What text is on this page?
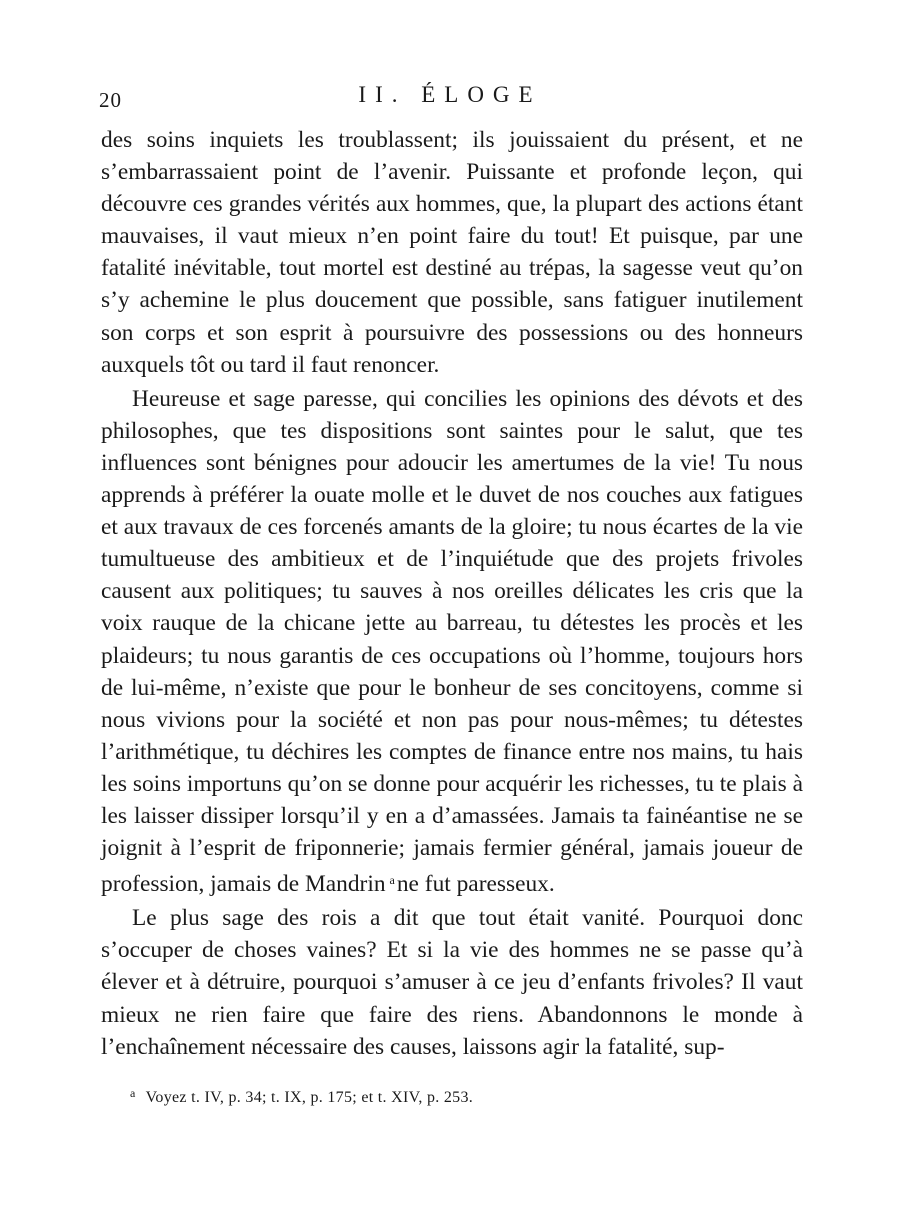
20	II. ÉLOGE

des soins inquiets les troublassent; ils jouissaient du présent, et ne s’embarrassaient point de l’avenir. Puissante et profonde leçon, qui découvre ces grandes vérités aux hommes, que, la plupart des actions étant mauvaises, il vaut mieux n’en point faire du tout! Et puisque, par une fatalité inévitable, tout mortel est destiné au trépas, la sagesse veut qu’on s’y achemine le plus doucement que possible, sans fatiguer inutilement son corps et son esprit à poursuivre des possessions ou des honneurs auxquels tôt ou tard il faut renoncer.

Heureuse et sage paresse, qui concilies les opinions des dévots et des philosophes, que tes dispositions sont saintes pour le salut, que tes influences sont bénignes pour adoucir les amertumes de la vie! Tu nous apprends à préférer la ouate molle et le duvet de nos couches aux fatigues et aux travaux de ces forcenés amants de la gloire; tu nous écartes de la vie tumultueuse des ambitieux et de l’inquiétude que des projets frivoles causent aux politiques; tu sauves à nos oreilles délicates les cris que la voix rauque de la chicane jette au barreau, tu détestes les procès et les plaideurs; tu nous garantis de ces occupations où l’homme, toujours hors de lui-même, n’existe que pour le bonheur de ses concitoyens, comme si nous vivions pour la société et non pas pour nous-mêmes; tu détestes l’arithmétique, tu déchires les comptes de finance entre nos mains, tu hais les soins importuns qu’on se donne pour acquérir les richesses, tu te plais à les laisser dissiper lorsqu’il y en a d’amassées. Jamais ta fainéantise ne se joignit à l’esprit de friponnerie; jamais fermier général, jamais joueur de profession, jamais de Mandrin $^a$ne fut paresseux.

Le plus sage des rois a dit que tout était vanité. Pourquoi donc s’occuper de choses vaines? Et si la vie des hommes ne se passe qu’à élever et à détruire, pourquoi s’amuser à ce jeu d’enfants frivoles? Il vaut mieux ne rien faire que faire des riens. Abandonnons le monde à l’enchaînement nécessaire des causes, laissons agir la fatalité, sup-

$^a$ Voyez t. IV, p. 34; t. IX, p. 175; et t. XIV, p. 253.
